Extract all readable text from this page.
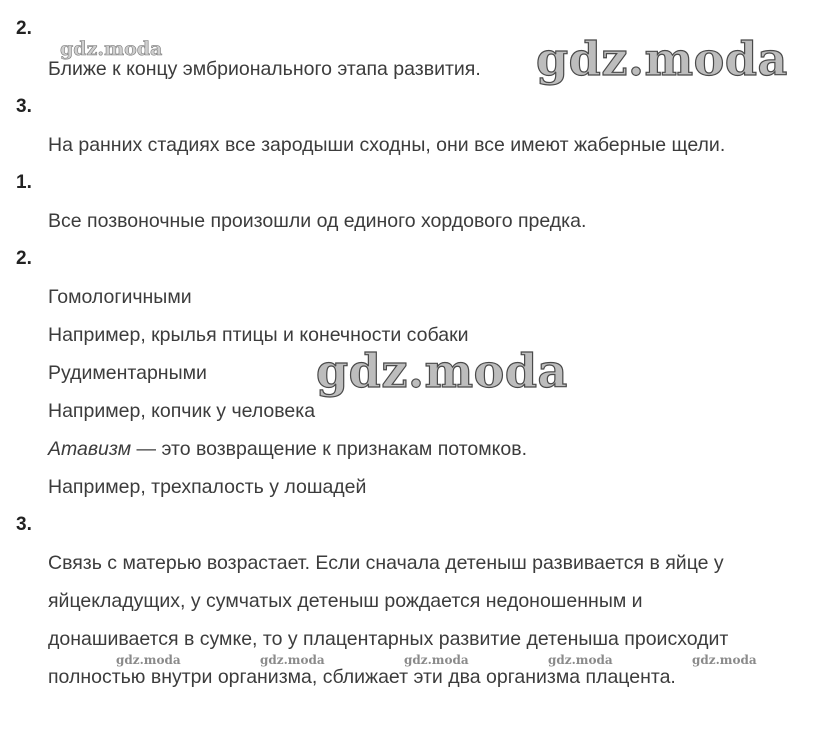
2.
3.
1.
2.
3.
Ближе к концу эмбрионального этапа развития.
На ранних стадиях все зародыши сходны, они все имеют жаберные щели.
Все позвоночные произошли од единого хордового предка.
Гомологичными
Например, крылья птицы и конечности собаки
Рудиментарными
Например, копчик у человека
Атавизм — это возвращение к признакам потомков.
Например, трехпалость у лошадей
Связь с матерью возрастает. Если сначала детеныш развивается в яйце у
яйцекладущих, у сумчатых детеныш рождается недоношенным и
донашивается в сумке, то у плацентарных развитие детеныша происходит
полностью внутри организма, сближает эти два организма плацента.
gdz.moda	gdz.moda
gdz.moda
gdz.moda	gdz.moda	gdz.moda	gdz.moda	gdz.moda
